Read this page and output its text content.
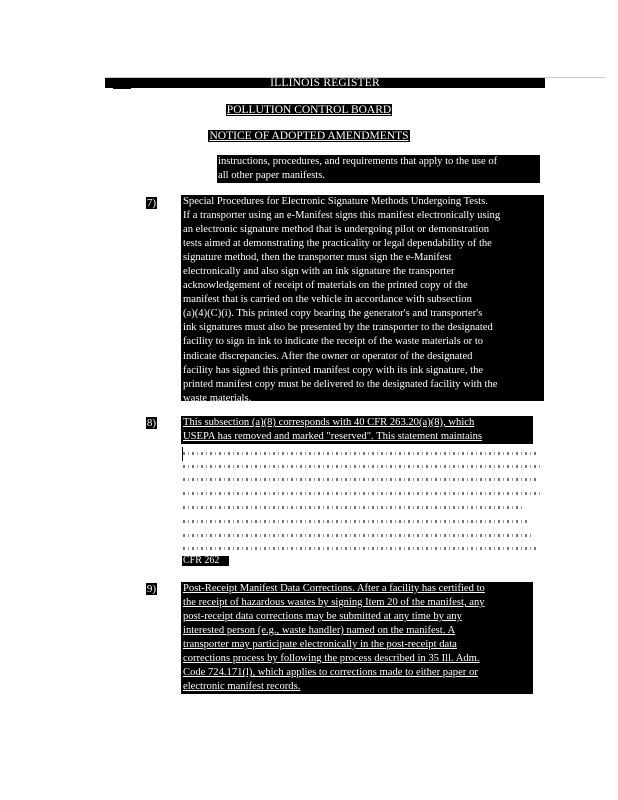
ILLINOIS REGISTER
POLLUTION CONTROL BOARD
NOTICE OF ADOPTED AMENDMENTS

instructions, procedures, and requirements that apply to the use of

all other paper manifests.

7)	Special Procedures for Electronic Signature Methods Undergoing Tests.

If a transporter using an e-Manifest signs this manifest electronically using

an electronic signature method that is undergoing pilot or demonstration

tests aimed at demonstrating the practicality or legal dependability of the

signature method, then the transporter must sign the e-Manifest

electronically and also sign with an ink signature the transporter

acknowledgement of receipt of materials on the printed copy of the

manifest that is carried on the vehicle in accordance with subsection

(a)(4)(C)(i). This printed copy bearing the generator's and transporter's

ink signatures must also be presented by the transporter to the designated

facility to sign in ink to indicate the receipt of the waste materials or to

indicate discrepancies. After the owner or operator of the designated

facility has signed this printed manifest copy with its ink signature, the

printed manifest copy must be delivered to the designated facility with the

waste materials.

8)	This subsection (a)(8) corresponds with 40 CFR 263.20(a)(8), which

USEPA has removed and marked "reserved". This statement maintains

CFR 262
9)	Post-Receipt Manifest Data Corrections. After a facility has certified to

the receipt of hazardous wastes by signing Item 20 of the manifest, any

post-receipt data corrections may be submitted at any time by any

interested person (e.g., waste handler) named on the manifest. A

transporter may participate electronically in the post-receipt data

corrections process by following the process described in 35 Ill. Adm.

Code 724.171(l), which applies to corrections made to either paper or

electronic manifest records.
